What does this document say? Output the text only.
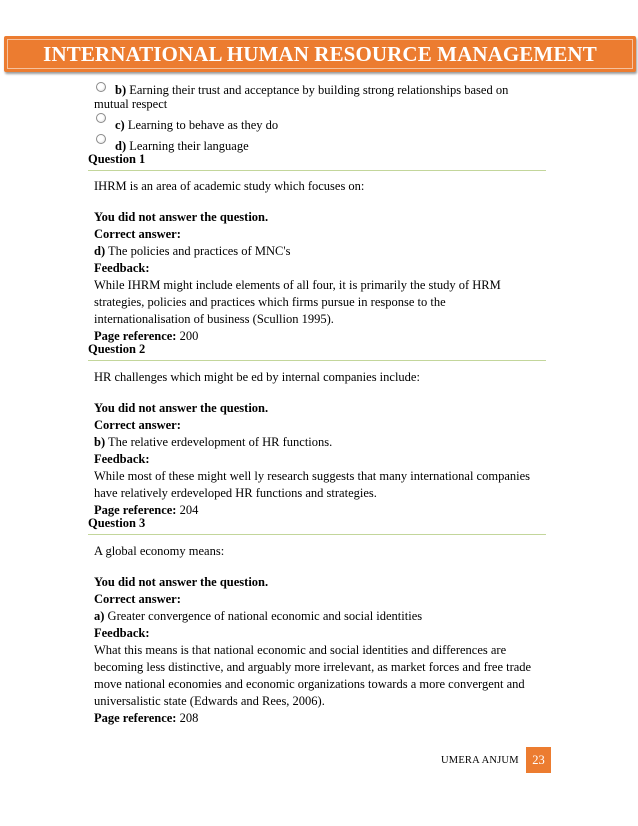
INTERNATIONAL HUMAN RESOURCE MANAGEMENT
b) Earning their trust and acceptance by building strong relationships based on
mutual respect
c) Learning to behave as they do
d) Learning their language
Question 1
IHRM is an area of academic study which focuses on:
You did not answer the question.
Correct answer:
d) The policies and practices of MNC's
Feedback:
While IHRM might include elements of all four, it is primarily the study of HRM
strategies, policies and practices which firms pursue in response to the
internationalisation of business (Scullion 1995).
Page reference: 200
Question 2
HR challenges which might be ed by internal companies include:
You did not answer the question.
Correct answer:
b) The relative erdevelopment of HR functions.
Feedback:
While most of these might well ly research suggests that many international companies
have relatively erdeveloped HR functions and strategies.
Page reference: 204
Question 3
A global economy means:
You did not answer the question.
Correct answer:
a) Greater convergence of national economic and social identities
Feedback:
What this means is that national economic and social identities and differences are
becoming less distinctive, and arguably more irrelevant, as market forces and free trade
move national economies and economic organizations towards a more convergent and
universalistic state (Edwards and Rees, 2006).
Page reference: 208
UMERA ANJUM 23
